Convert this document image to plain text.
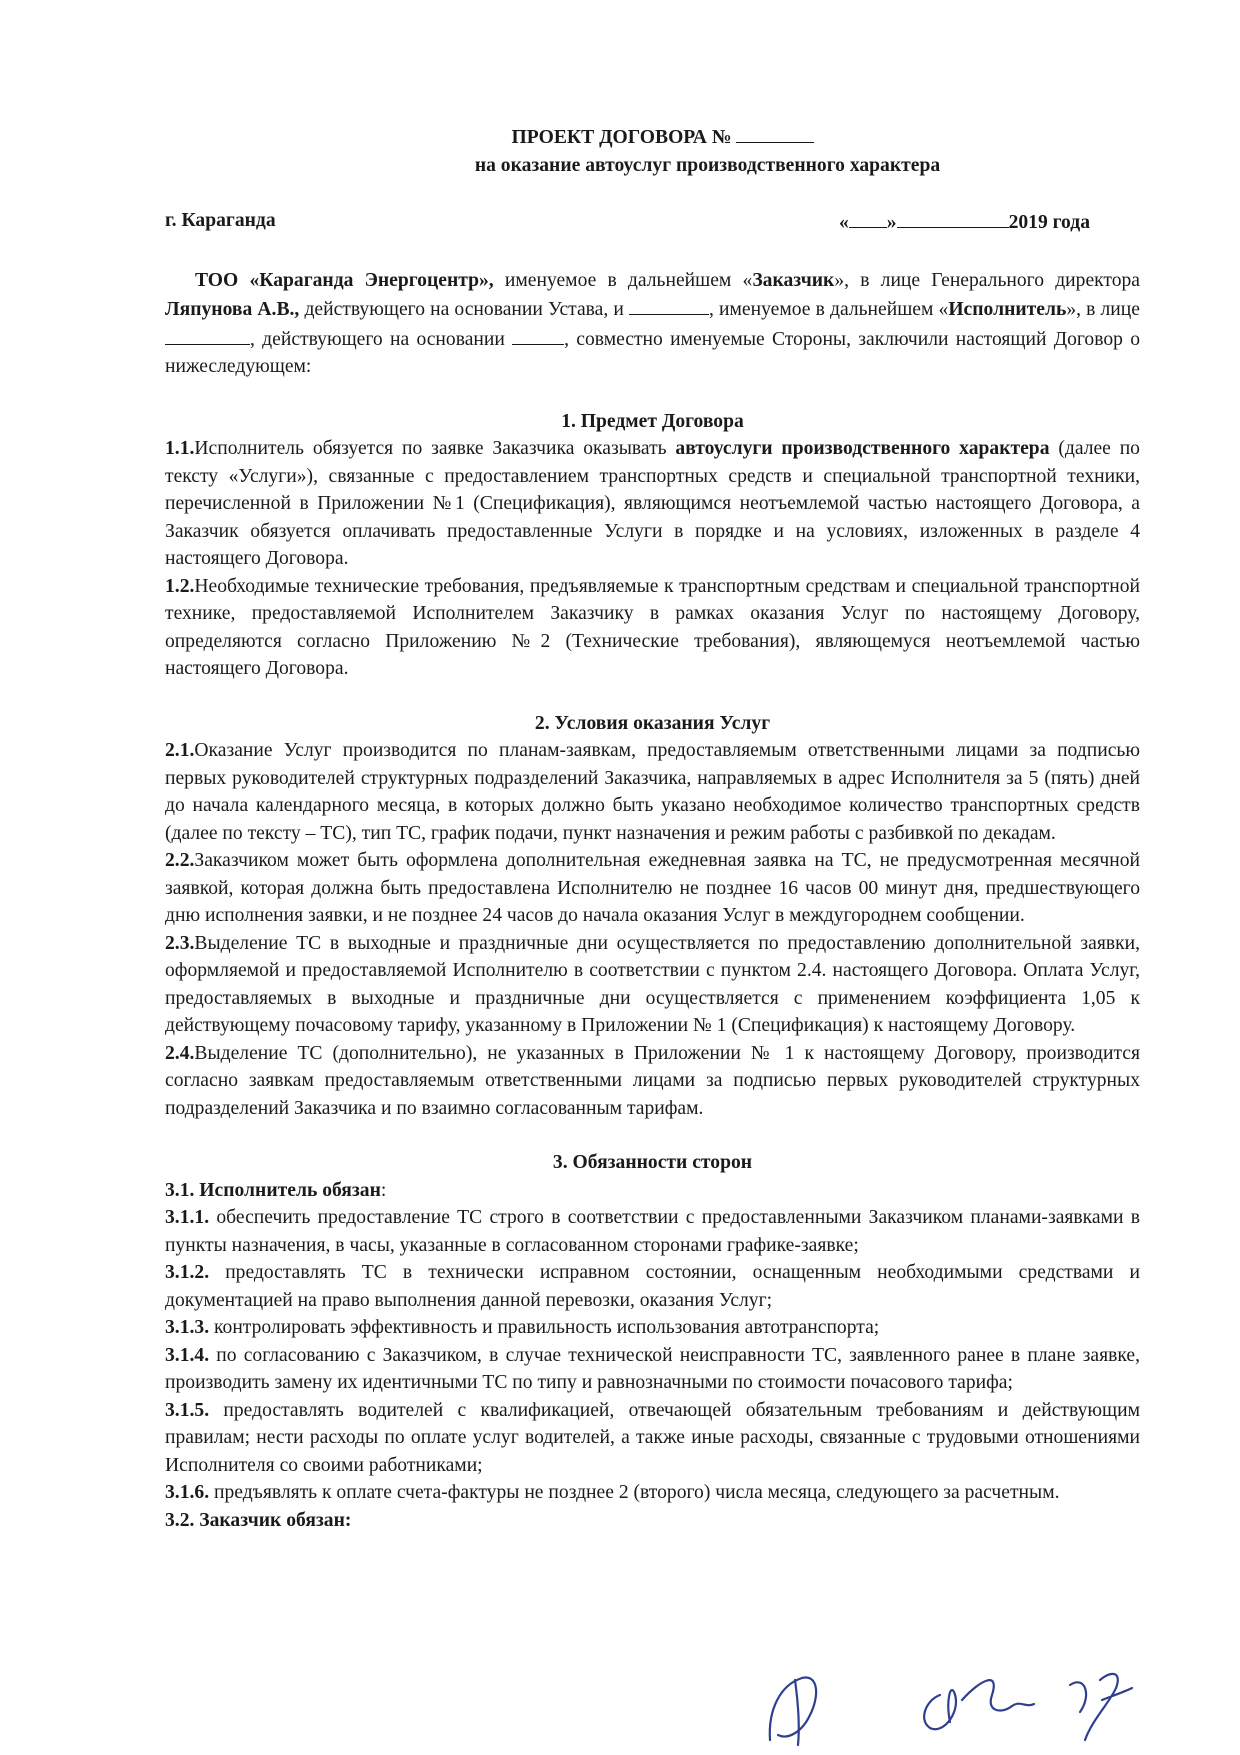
ПРОЕКТ ДОГОВОРА №
на оказание автоуслуг производственного характера
г. Караганда	« »	2019 года

ТОО «Караганда Энергоцентр», именуемое в дальнейшем «Заказчик», в лице Генерального директора Ляпунова А.В., действующего на основании Устава, и	, именуемое в дальнейшем «Исполнитель», в лице , действующего на основании	, совместно именуемые Стороны, заключили настоящий Договор о нижеследующем:

1. Предмет Договора

1.1.Исполнитель обязуется по заявке Заказчика оказывать автоуслуги производственного характера (далее по тексту «Услуги»), связанные с предоставлением транспортных средств и специальной транспортной техники, перечисленной в Приложении №1 (Спецификация), являющимся неотъемлемой частью настоящего Договора, а Заказчик обязуется оплачивать предоставленные Услуги в порядке и на условиях, изложенных в разделе 4 настоящего Договора.

1.2.Необходимые технические требования, предъявляемые к транспортным средствам и специальной транспортной технике, предоставляемой Исполнителем Заказчику в рамках оказания Услуг по настоящему Договору, определяются согласно Приложению №2 (Технические требования), являющемуся неотъемлемой частью настоящего Договора.

2. Условия оказания Услуг

2.1.Оказание Услуг производится по планам-заявкам, предоставляемым ответственными лицами за подписью первых руководителей структурных подразделений Заказчика, направляемых в адрес Исполнителя за 5 (пять) дней до начала календарного месяца, в которых должно быть указано необходимое количество транспортных средств (далее по тексту – ТС), тип ТС, график подачи, пункт назначения и режим работы с разбивкой по декадам.

2.2.Заказчиком может быть оформлена дополнительная ежедневная заявка на ТС, не предусмотренная месячной заявкой, которая должна быть предоставлена Исполнителю не позднее 16 часов 00 минут дня, предшествующего дню исполнения заявки, и не позднее 24 часов до начала оказания Услуг в междугороднем сообщении.

2.3.Выделение ТС в выходные и праздничные дни осуществляется по предоставлению дополнительной заявки, оформляемой и предоставляемой Исполнителю в соответствии с пунктом 2.4. настоящего Договора. Оплата Услуг, предоставляемых в выходные и праздничные дни осуществляется с применением коэффициента 1,05 к действующему почасовому тарифу, указанному в Приложении № 1 (Спецификация) к настоящему Договору.

2.4.Выделение ТС (дополнительно), не указанных в Приложении № 1 к настоящему Договору, производится согласно заявкам предоставляемым ответственными лицами за подписью первых руководителей структурных подразделений Заказчика и по взаимно согласованным тарифам.

3. Обязанности сторон

3.1. Исполнитель обязан:

3.1.1. обеспечить предоставление ТС строго в соответствии с предоставленными Заказчиком планами-заявками в пункты назначения, в часы, указанные в согласованном сторонами графике-заявке;

3.1.2. предоставлять ТС в технически исправном состоянии, оснащенным необходимыми средствами и документацией на право выполнения данной перевозки, оказания Услуг;

3.1.3. контролировать эффективность и правильность использования автотранспорта;

3.1.4. по согласованию с Заказчиком, в случае технической неисправности ТС, заявленного ранее в плане заявке, производить замену их идентичными ТС по типу и равнозначными по стоимости почасового тарифа;

3.1.5. предоставлять водителей с квалификацией, отвечающей обязательным требованиям и действующим правилам; нести расходы по оплате услуг водителей, а также иные расходы, связанные с трудовыми отношениями Исполнителя со своими работниками;

3.1.6. предъявлять к оплате счета-фактуры не позднее 2 (второго) числа месяца, следующего за расчетным.

3.2. Заказчик обязан:
